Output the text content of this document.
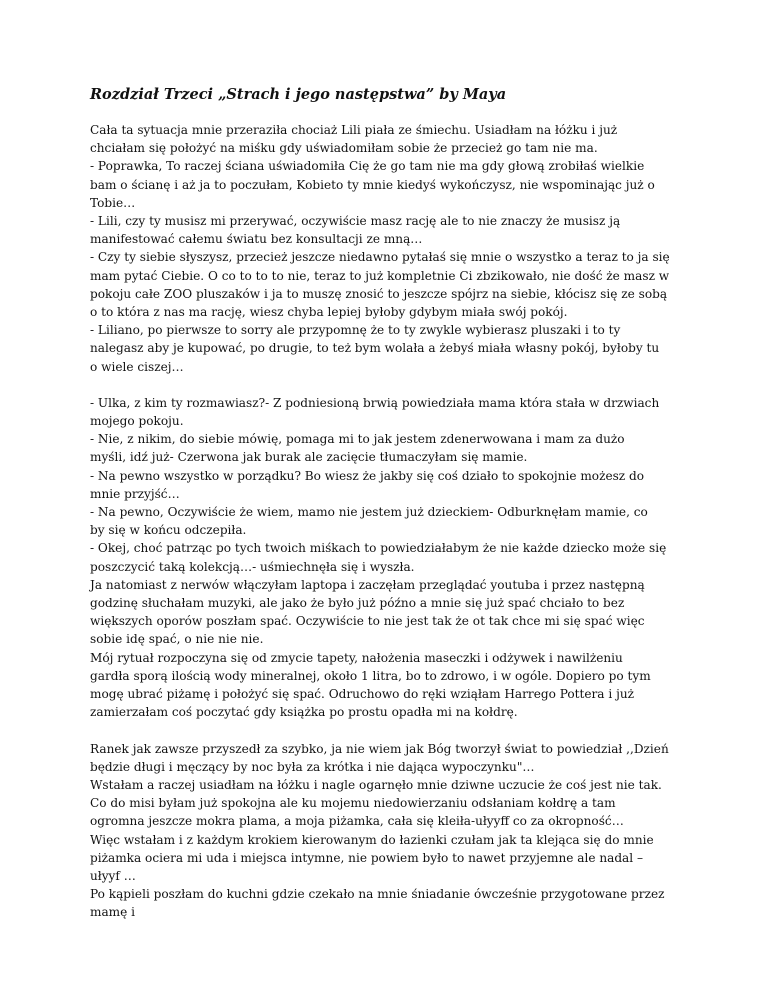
Rozdział Trzeci „Strach i jego następstwa” by Maya

Cała ta sytuacja mnie przeraziła chociaż Lili piała ze śmiechu. Usiadłam na łóżku i już
chciałam się położyć na miśku gdy uświadomiłam sobie że przecież go tam nie ma.
- Poprawka, To raczej ściana uświadomiła Cię że go tam nie ma gdy głową zrobiłaś wielkie
bam o ścianę i aż ja to poczułam, Kobieto ty mnie kiedyś wykończysz, nie wspominając już o
Tobie…
- Lili, czy ty musisz mi przerywać, oczywiście masz rację ale to nie znaczy że musisz ją
manifestować całemu światu bez konsultacji ze mną…
- Czy ty siebie słyszysz, przecież jeszcze niedawno pytałaś się mnie o wszystko a teraz to ja się
mam pytać Ciebie. O co to to to nie, teraz to już kompletnie Ci zbzikowało, nie dość że masz w
pokoju całe ZOO pluszaków i ja to muszę znosić to jeszcze spójrz na siebie, kłócisz się ze sobą
o to która z nas ma rację, wiesz chyba lepiej byłoby gdybym miała swój pokój.
- Liliano, po pierwsze to sorry ale przypomnę że to ty zwykle wybierasz pluszaki i to ty
nalegasz aby je kupować, po drugie, to też bym wolała a żebyś miała własny pokój, byłoby tu
o wiele ciszej…

- Ulka, z kim ty rozmawiasz?- Z podniesioną brwią powiedziała mama która stała w drzwiach
mojego pokoju.
- Nie, z nikim, do siebie mówię, pomaga mi to jak jestem zdenerwowana i mam za dużo
myśli, idź już- Czerwona jak burak ale zacięcie tłumaczyłam się mamie.
- Na pewno wszystko w porządku? Bo wiesz że jakby się coś działo to spokojnie możesz do
mnie przyjść…
- Na pewno, Oczywiście że wiem, mamo nie jestem już dzieckiem- Odburknęłam mamie, co
by się w końcu odczepiła.
- Okej, choć patrząc po tych twoich miśkach to powiedziałabym że nie każde dziecko może się
poszczycić taką kolekcją…- uśmiechnęła się i wyszła.
Ja natomiast z nerwów włączyłam laptopa i zaczęłam przeglądać youtuba i przez następną
godzinę słuchałam muzyki, ale jako że było już późno a mnie się już spać chciało to bez
większych oporów poszłam spać. Oczywiście to nie jest tak że ot tak chce mi się spać więc
sobie idę spać, o nie nie nie.
Mój rytuał rozpoczyna się od zmycie tapety, nałożenia maseczki i odżywek i nawilżeniu
gardła sporą ilością wody mineralnej, około 1 litra, bo to zdrowo, i w ogóle. Dopiero po tym
mogę ubrać piżamę i położyć się spać. Odruchowo do ręki wziąłam Harrego Pottera i już
zamierzałam coś poczytać gdy książka po prostu opadła mi na kołdrę.

Ranek jak zawsze przyszedł za szybko, ja nie wiem jak Bóg tworzył świat to powiedział ,,Dzień
będzie długi i męczący by noc była za krótka i nie dająca wypoczynku"…
Wstałam a raczej usiadłam na łóżku i nagle ogarnęło mnie dziwne uczucie że coś jest nie tak.
Co do misi byłam już spokojna ale ku mojemu niedowierzaniu odsłaniam kołdrę a tam
ogromna jeszcze mokra plama, a moja piżamka, cała się kleiła-ułyyff co za okropność…
Więc wstałam i z każdym krokiem kierowanym do łazienki czułam jak ta klejąca się do mnie
piżamka ociera mi uda i miejsca intymne, nie powiem było to nawet przyjemne ale nadal –
ułyyf …
Po kąpieli poszłam do kuchni gdzie czekało na mnie śniadanie ówcześnie przygotowane przez
mamę i
